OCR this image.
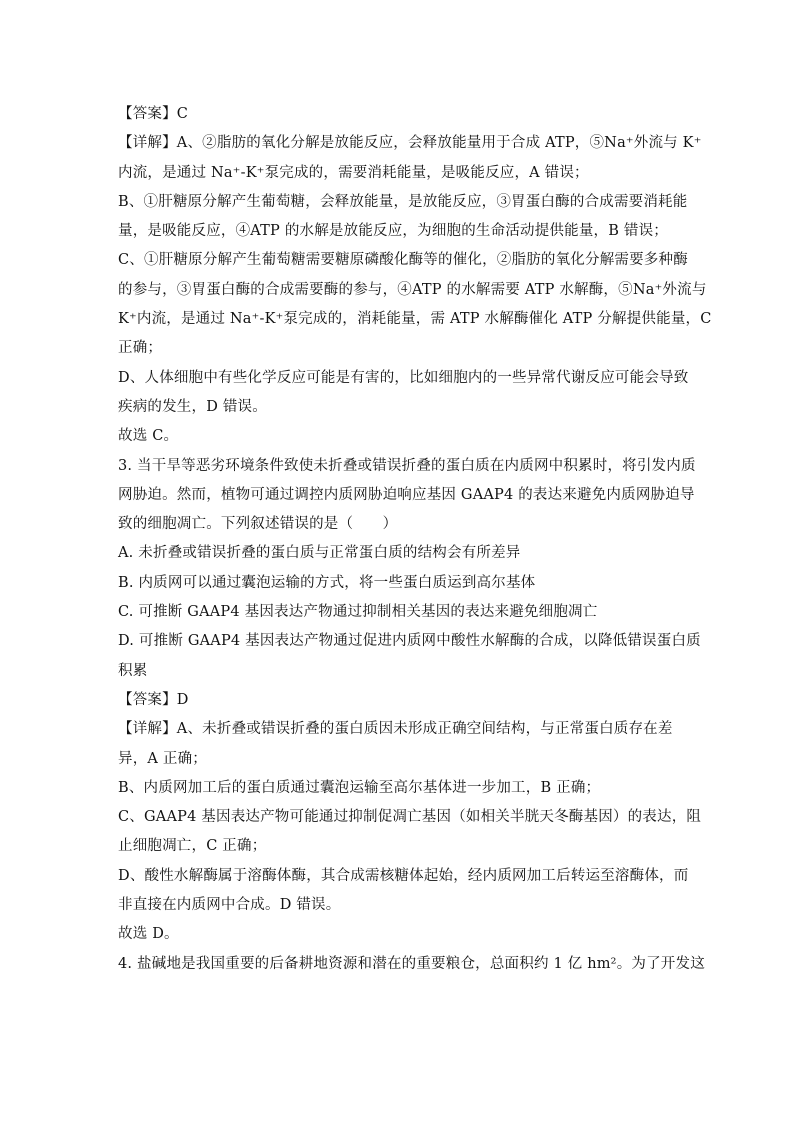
【答案】C
【详解】A、②脂肪的氧化分解是放能反应，会释放能量用于合成 ATP，⑤Na⁺外流与 K⁺
内流，是通过 Na⁺-K⁺泵完成的，需要消耗能量，是吸能反应，A 错误；
B、①肝糖原分解产生葡萄糖，会释放能量，是放能反应，③胃蛋白酶的合成需要消耗能
量，是吸能反应，④ATP 的水解是放能反应，为细胞的生命活动提供能量，B 错误；
C、①肝糖原分解产生葡萄糖需要糖原磷酸化酶等的催化，②脂肪的氧化分解需要多种酶
的参与，③胃蛋白酶的合成需要酶的参与，④ATP 的水解需要 ATP 水解酶，⑤Na⁺外流与
K⁺内流，是通过 Na⁺-K⁺泵完成的，消耗能量，需 ATP 水解酶催化 ATP 分解提供能量，C
正确；
D、人体细胞中有些化学反应可能是有害的，比如细胞内的一些异常代谢反应可能会导致
疾病的发生，D 错误。
故选 C。
3. 当干旱等恶劣环境条件致使未折叠或错误折叠的蛋白质在内质网中积累时，将引发内质
网胁迫。然而，植物可通过调控内质网胁迫响应基因 GAAP4 的表达来避免内质网胁迫导
致的细胞凋亡。下列叙述错误的是（　　）
A. 未折叠或错误折叠的蛋白质与正常蛋白质的结构会有所差异
B. 内质网可以通过囊泡运输的方式，将一些蛋白质运到高尔基体
C. 可推断 GAAP4 基因表达产物通过抑制相关基因的表达来避免细胞凋亡
D. 可推断 GAAP4 基因表达产物通过促进内质网中酸性水解酶的合成，以降低错误蛋白质
积累
【答案】D
【详解】A、未折叠或错误折叠的蛋白质因未形成正确空间结构，与正常蛋白质存在差
异，A 正确；
B、内质网加工后的蛋白质通过囊泡运输至高尔基体进一步加工，B 正确；
C、GAAP4 基因表达产物可能通过抑制促凋亡基因（如相关半胱天冬酶基因）的表达，阻
止细胞凋亡，C 正确；
D、酸性水解酶属于溶酶体酶，其合成需核糖体起始，经内质网加工后转运至溶酶体，而
非直接在内质网中合成。D 错误。
故选 D。
4. 盐碱地是我国重要的后备耕地资源和潜在的重要粮仓，总面积约 1 亿 hm²。为了开发这
